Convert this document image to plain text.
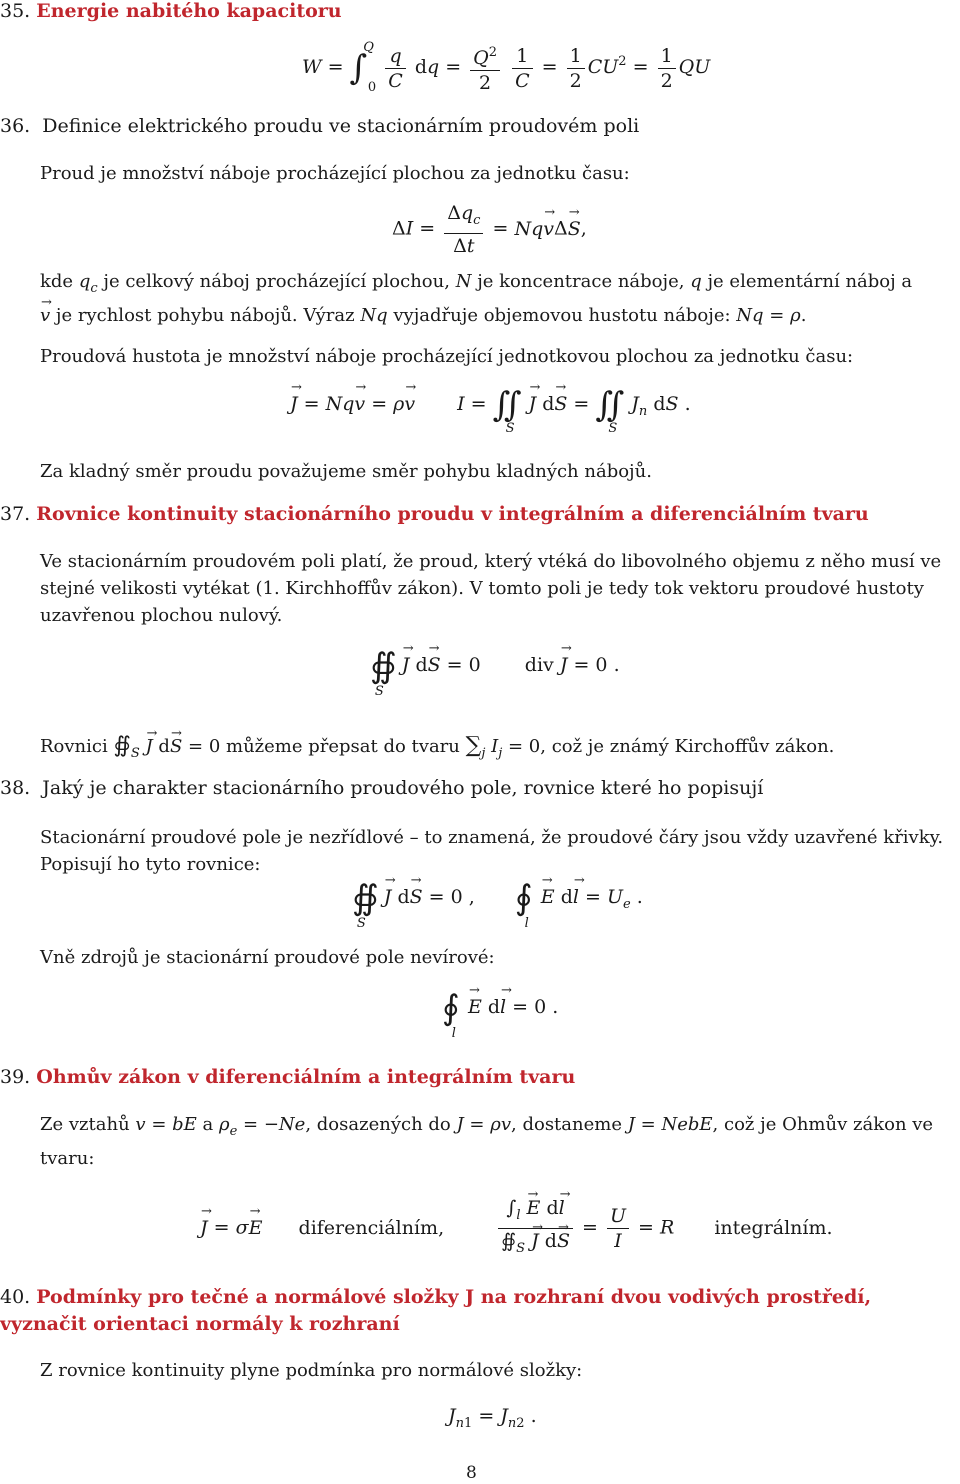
35. Energie nabitého kapacitoru
$W = \int^Q_0 \frac{q}{C}$ dq = $\frac{Q^2}{2}$
$\frac{1}{C} = \frac{1}{2} CU^2 = \frac{1}{2}$ QU
36. Definice elektrického proudu ve stacionárním proudovém poli
Proud je množství náboje procházející plochou za jednotku času:
$\Delta I = \frac{\Delta q_c}{\Delta t} = Nq\to v\Delta\to S$,
kde $q_c$ je celkový náboj procházející plochou, N je koncentrace náboje, q je elementární náboj a
→ v je rychlost pohybu nábojů. Výraz Nq vyjadřuje objemovou hustotu náboje: Nq = ρ.
Proudová hustota je množství náboje procházející jednotkovou plochou za jednotku času:
→ J = Nq→ v = ρ→ v $I = ∬_S \to J$ $d\to S = ∬_S$ $J_n$ dS .
Za kladný směr proudu považujeme směr pohybu kladných nábojů.
37. Rovnice kontinuity stacionárního proudu v integrálním a diferenciálním tvaru
Ve stacionárním proudovém poli platí, že proud, který vtéká do libovolného objemu z něho musí ve stejné velikosti vytékat (1. Kirchhoffův zákon). V tomto poli je tedy tok vektoru proudové hustoty uzavřenou plochou nulový.
$∯_S \to J$ d→ S = 0 div → J = 0 .
Rovnici $∯_S \to J$ d→ S = 0 můžeme přepsat do tvaru $\sum_j$ $I_j = 0$, což je známý Kirchoffův zákon.
38. Jaký je charakter stacionárního proudového pole, rovnice které ho popisují
Stacionární proudové pole je nezřídlové – to znamená, že proudové čáry jsou vždy uzavřené křivky. Popisují ho tyto rovnice:
$∯_S \to J$ d→ S = 0 , $∮_l \to E$ $d\to l = U_e$ .
Vně zdrojů je stacionární proudové pole nevírové:
$∮_l \to E$ d→ l = 0 .
39. Ohmův zákon v diferenciálním a integrálním tvaru
Ze vztahů v = bE a $\rho_e = -Ne$, dosazených do J = ρv, dostaneme J = NebE, což je Ohmův zákon ve tvaru:
→ J = σ→ E diferenciálním,	$\frac{\int_l \to E d\to l}{∯_S \to J d\to S} = \frac{U}{I} = R$ integrálním.
40. Podmínky pro tečné a normálové složky J na rozhraní dvou vodivých prostředí, vyznačit orientaci normály k rozhraní
Z rovnice kontinuity plyne podmínka pro normálové složky:
$J_{n1} = J_{n2}$ .
8
